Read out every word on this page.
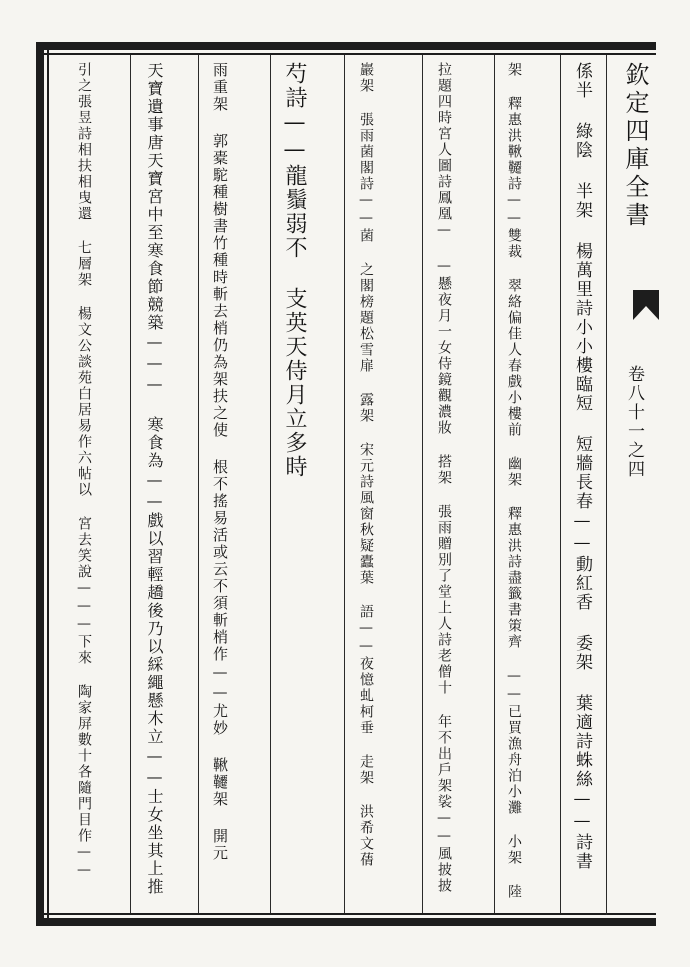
欽定四庫全書
卷八十一之四
係半 綠陰 半架 楊萬里詩小小樓臨短 短牆長春——動紅香 委架 葉適詩蛛絲——詩書
架 釋惠洪鞦韆詩——雙裁 翠絡偏佳人春戲小樓前 幽架 釋惠洪詩盡籤書策齊 ——已買漁舟泊小灘 小架 陸
拉題四時宮人圖詩鳳凰— —懸夜月一女侍鏡觀濃妝 搭架 張雨贈別了堂上人詩老僧十 年不出戶架裟——風披披
巖架 張雨菌閣詩——菌 之閣榜題松雪扉 露架 宋元詩風窗秋疑蠹葉 語——夜憶虬柯垂 走架 洪希文蒨
芍詩——龍鬚弱不 支英天侍月立多時
雨重架 郭橐駝種樹書竹種時斬去梢仍為架扶之使 根不搖易活或云不須斬梢作——尤妙 鞦韆架 開元
天寶遺事唐天寶宮中至寒食節競築——— 寒食為——戲以習輕趫後乃以綵繩懸木立——士女坐其上推
引之張昱詩相扶相曳還 七層架 楊文公談苑白居易作六帖以 宮去笑說———下來 陶家屏數十各隨門目作——
